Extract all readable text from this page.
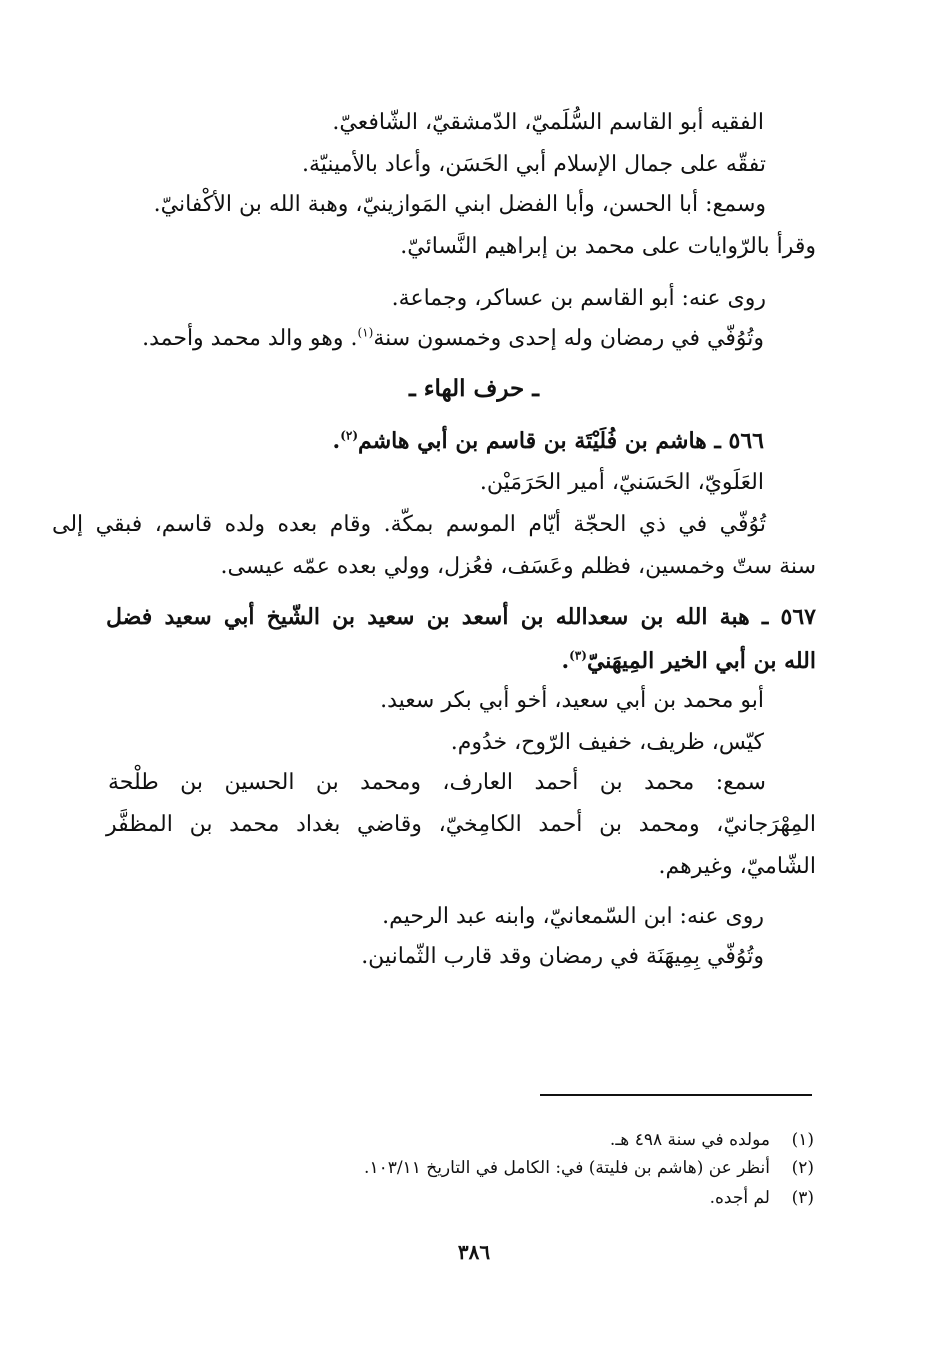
الفقيه أبو القاسم السُّلَميّ، الدّمشقيّ، الشّافعيّ.
تفقّه على جمال الإسلام أبي الحَسَن، وأعاد بالأمينيّة.
وسمع: أبا الحسن، وأبا الفضل ابني المَوازينيّ، وهبة الله بن الأكْفانيّ.
وقرأ بالرّوايات على محمد بن إبراهيم النَّسائيّ.
روى عنه: أبو القاسم بن عساكر، وجماعة.
وتُوُفّي في رمضان وله إحدى وخمسون سنة$^{(١)}$. وهو والد محمد وأحمد.
ـ حرف الهاء ـ
٥٦٦ ـ هاشم بن فُلَيْتَة بن قاسم بن أبي هاشم$^{(٢)}$.
العَلَويّ، الحَسَنيّ، أمير الحَرَمَيْن.
تُوُفّي في ذي الحجّة أيّام الموسم بمكّة. وقام بعده ولده قاسم، فبقي إلى
سنة ستّ وخمسين، فظلم وعَسَف، فعُزل، وولي بعده عمّه عيسى.
٥٦٧ ـ هبة الله بن سعدالله بن أسعد بن سعيد بن الشّيخ أبي سعيد فضل
الله بن أبي الخير المِيهَنيّ$^{(٣)}$.
أبو محمد بن أبي سعيد، أخو أبي بكر سعيد.
كيّس، ظريف، خفيف الرّوح، خدُوم.
سمع: محمد بن أحمد العارف، ومحمد بن الحسين بن طلْحة
المِهْرَجانيّ، ومحمد بن أحمد الكامِخيّ، وقاضي بغداد محمد بن المظفَّر
الشّاميّ، وغيرهم.
روى عنه: ابن السّمعانيّ، وابنه عبد الرحيم.
وتُوُفّي بِمِيهَنَة في رمضان وقد قارب الثّمانين.
(١)مولده في سنة ٤٩٨ هـ.
(٢)أنظر عن (هاشم بن فليتة) في: الكامل في التاريخ ١٠٣/١١.
(٣)لم أجده.
٣٨٦
